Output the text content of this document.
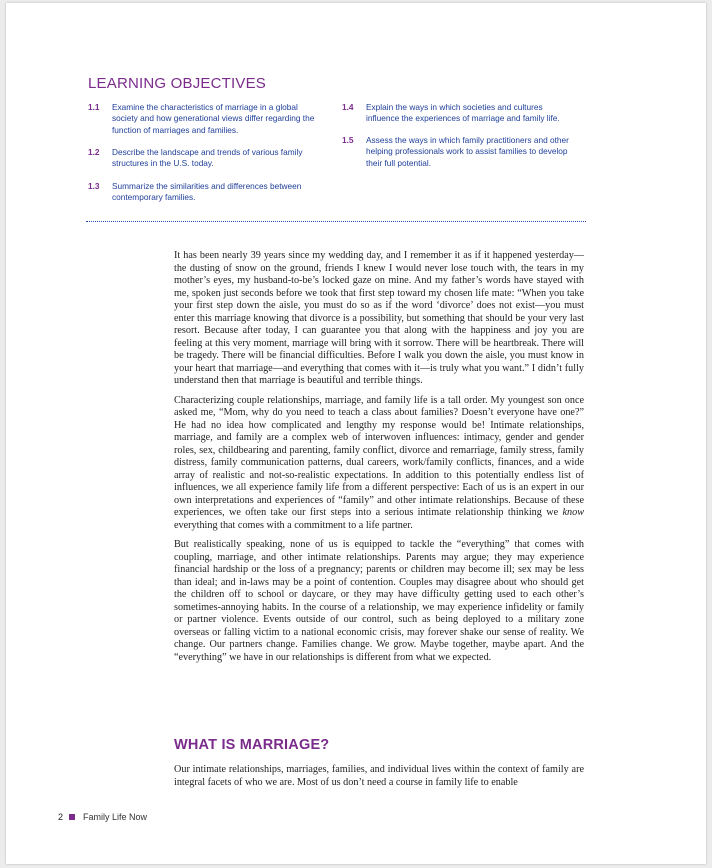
LEARNING OBJECTIVES
1.1 Examine the characteristics of marriage in a global society and how generational views differ regarding the function of marriages and families.
1.2 Describe the landscape and trends of various family structures in the U.S. today.
1.3 Summarize the similarities and differences between contemporary families.
1.4 Explain the ways in which societies and cultures influence the experiences of marriage and family life.
1.5 Assess the ways in which family practitioners and other helping professionals work to assist families to develop their full potential.

It has been nearly 39 years since my wedding day, and I remember it as if it happened yesterday—the dusting of snow on the ground, friends I knew I would never lose touch with, the tears in my mother’s eyes, my husband-to-be’s locked gaze on mine. And my father’s words have stayed with me, spoken just seconds before we took that first step toward my chosen life mate: “When you take your first step down the aisle, you must do so as if the word ‘divorce’ does not exist—you must enter this marriage knowing that divorce is a possibility, but something that should be your very last resort. Because after today, I can guarantee you that along with the happiness and joy you are feeling at this very moment, marriage will bring with it sorrow. There will be heartbreak. There will be tragedy. There will be financial difficulties. Before I walk you down the aisle, you must know in your heart that marriage—and everything that comes with it—is truly what you want.” I didn’t fully understand then that marriage is beautiful and terrible things.

Characterizing couple relationships, marriage, and family life is a tall order. My youngest son once asked me, “Mom, why do you need to teach a class about families? Doesn’t everyone have one?” He had no idea how complicated and lengthy my response would be! Intimate relationships, marriage, and family are a complex web of interwoven influences: intimacy, gender and gender roles, sex, childbearing and parenting, family conflict, divorce and remarriage, family stress, family distress, family communication patterns, dual careers, work/family conflicts, finances, and a wide array of realistic and not-so-realistic expectations. In addition to this potentially endless list of influences, we all experience family life from a different perspective: Each of us is an expert in our own interpretations and experiences of “family” and other intimate relationships. Because of these experiences, we often take our first steps into a serious intimate relationship thinking we know everything that comes with a commitment to a life partner.

But realistically speaking, none of us is equipped to tackle the “everything” that comes with coupling, marriage, and other intimate relationships. Parents may argue; they may experience financial hardship or the loss of a pregnancy; parents or children may become ill; sex may be less than ideal; and in-laws may be a point of contention. Couples may disagree about who should get the children off to school or daycare, or they may have difficulty getting used to each other’s sometimes-annoying habits. In the course of a relationship, we may experience infidelity or family or partner violence. Events outside of our control, such as being deployed to a military zone overseas or falling victim to a national economic crisis, may forever shake our sense of reality. We change. Our partners change. Families change. We grow. Maybe together, maybe apart. And the “everything” we have in our relationships is different from what we expected.

WHAT IS MARRIAGE?

Our intimate relationships, marriages, families, and individual lives within the context of family are integral facets of who we are. Most of us don’t need a course in family life to enable

2 Family Life Now
